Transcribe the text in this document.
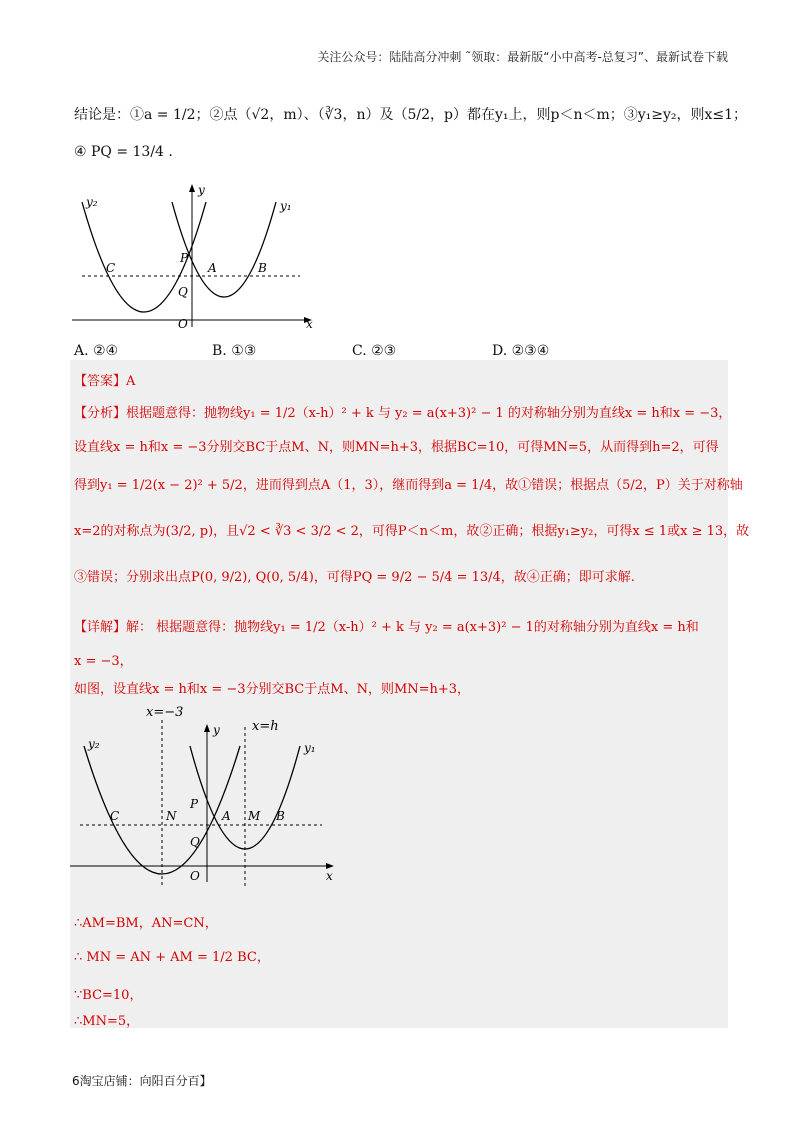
关注公众号：陆陆高分冲刺 ˜领取：最新版“小中高考-总复习”、最新试卷下载
结论是：①a = 1/2；②点（√2，m）、（∛3，n）及（5/2，p）都在y₁上，则p＜n＜m；③y₁≥y₂，则x≤1；
④ PQ = 13/4 .
y₂	y₁
y
x
P
A	B
C
Q
O
A. ②④	B. ①③	C. ②③	D. ②③④
【答案】A
【分析】根据题意得：抛物线y₁ = 1/2（x-h）² + k 与 y₂ = a(x+3)² − 1 的对称轴分别为直线x = h和x = −3，
设直线x = h和x = −3分别交BC于点M、N，则MN=h+3，根据BC=10，可得MN=5，从而得到h=2，可得
得到y₁ = 1/2(x − 2)² + 5/2，进而得到点A（1，3），继而得到a = 1/4，故①错误；根据点（5/2，P）关于对称轴
x=2的对称点为(3/2, p)，且√2 < ∛3 < 3/2 < 2，可得P＜n＜m，故②正确；根据y₁≥y₂，可得x ≤ 1或x ≥ 13，故
③错误；分别求出点P(0, 9/2), Q(0, 5/4)，可得PQ = 9/2 − 5/4 = 13/4，故④正确；即可求解.
【详解】解： 根据题意得：抛物线y₁ = 1/2（x-h）² + k 与 y₂ = a(x+3)² − 1的对称轴分别为直线x = h和
x = −3，
如图，设直线x = h和x = −3分别交BC于点M、N，则MN=h+3，
x=−3
x=h
y₂	y₁
y
x
C	N	A M B
P
Q
O
∴AM=BM，AN=CN，
∴ MN = AN + AM = 1/2 BC，
∵BC=10，
∴MN=5，
6淘宝店铺：向阳百分百】
